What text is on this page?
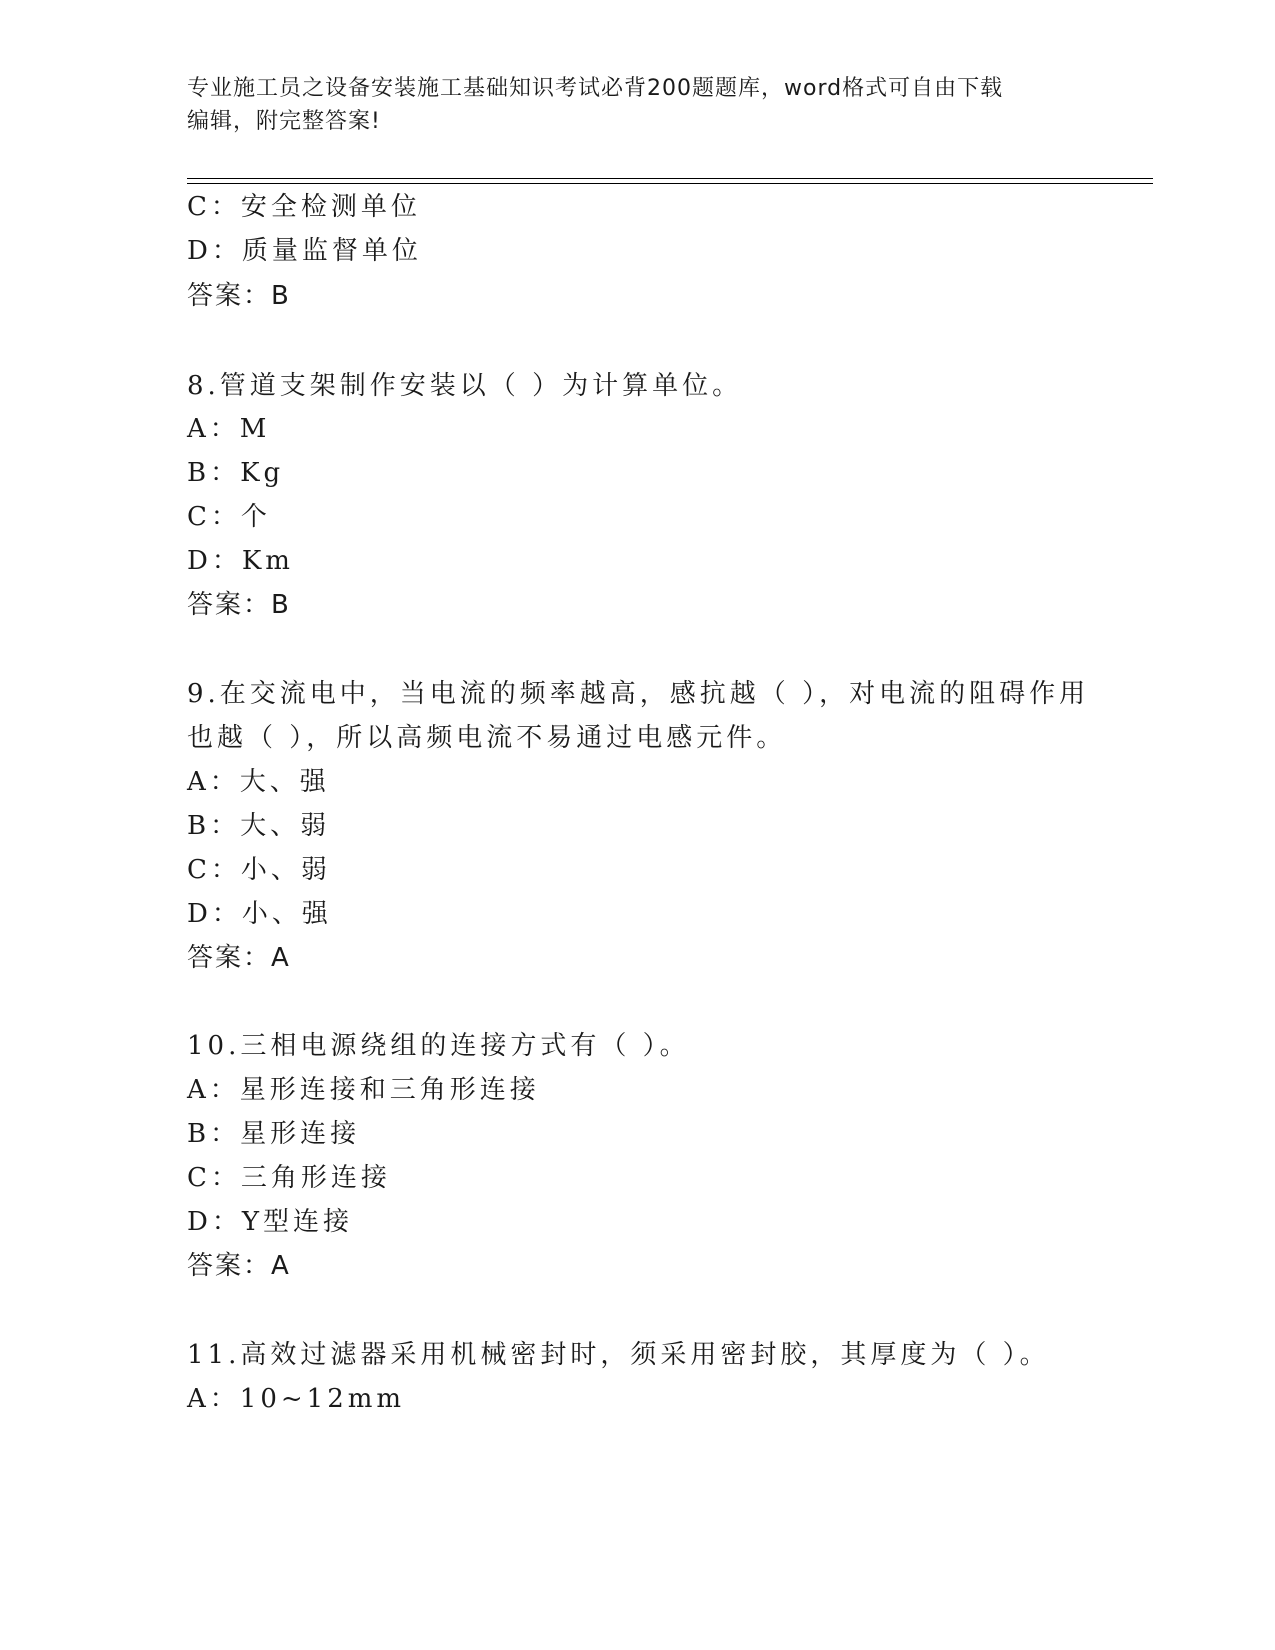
专业施工员之设备安装施工基础知识考试必背200题题库，word格式可自由下载
编辑，附完整答案!
C：安全检测单位
D：质量监督单位
答案：B
8.管道支架制作安装以（ ）为计算单位。
A：M
B：Kg
C：个
D：Km
答案：B
9.在交流电中，当电流的频率越高，感抗越（ ），对电流的阻碍作用
也越（ ），所以高频电流不易通过电感元件。
A：大、强
B：大、弱
C：小、弱
D：小、强
答案：A
10.三相电源绕组的连接方式有（ ）。
A：星形连接和三角形连接
B：星形连接
C：三角形连接
D：Y型连接
答案：A
11.高效过滤器采用机械密封时，须采用密封胶，其厚度为（ ）。
A：10~12mm
